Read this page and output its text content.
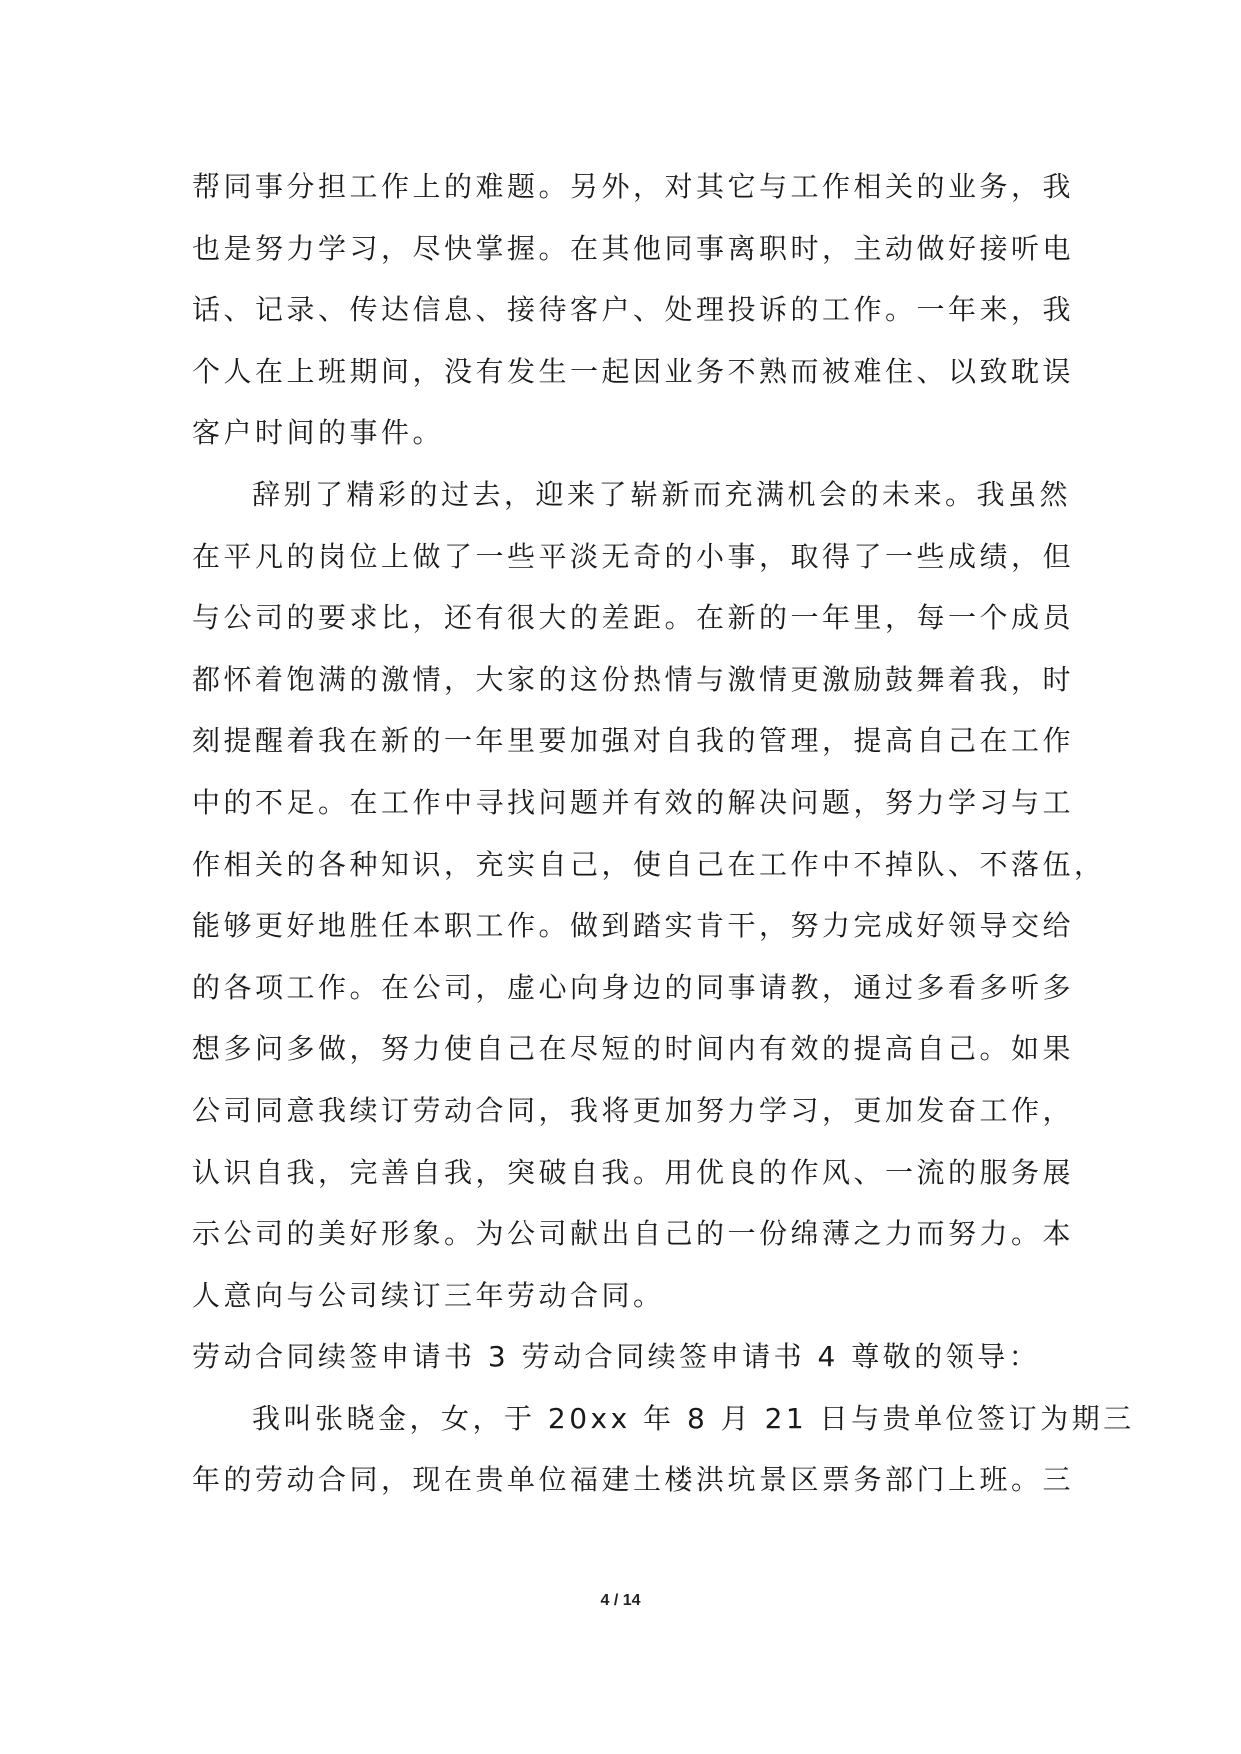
帮同事分担工作上的难题。另外，对其它与工作相关的业务，我
也是努力学习，尽快掌握。在其他同事离职时，主动做好接听电
话、记录、传达信息、接待客户、处理投诉的工作。一年来，我
个人在上班期间，没有发生一起因业务不熟而被难住、以致耽误
客户时间的事件。
辞别了精彩的过去，迎来了崭新而充满机会的未来。我虽然
在平凡的岗位上做了一些平淡无奇的小事，取得了一些成绩，但
与公司的要求比，还有很大的差距。在新的一年里，每一个成员
都怀着饱满的激情，大家的这份热情与激情更激励鼓舞着我，时
刻提醒着我在新的一年里要加强对自我的管理，提高自己在工作
中的不足。在工作中寻找问题并有效的解决问题，努力学习与工
作相关的各种知识，充实自己，使自己在工作中不掉队、不落伍，
能够更好地胜任本职工作。做到踏实肯干，努力完成好领导交给
的各项工作。在公司，虚心向身边的同事请教，通过多看多听多
想多问多做，努力使自己在尽短的时间内有效的提高自己。如果
公司同意我续订劳动合同，我将更加努力学习，更加发奋工作，
认识自我，完善自我，突破自我。用优良的作风、一流的服务展
示公司的美好形象。为公司献出自己的一份绵薄之力而努力。本
人意向与公司续订三年劳动合同。
劳动合同续签申请书 3 劳动合同续签申请书 4 尊敬的领导：
我叫张晓金，女，于 20xx 年 8 月 21 日与贵单位签订为期三
年的劳动合同，现在贵单位福建土楼洪坑景区票务部门上班。三
4 / 14
